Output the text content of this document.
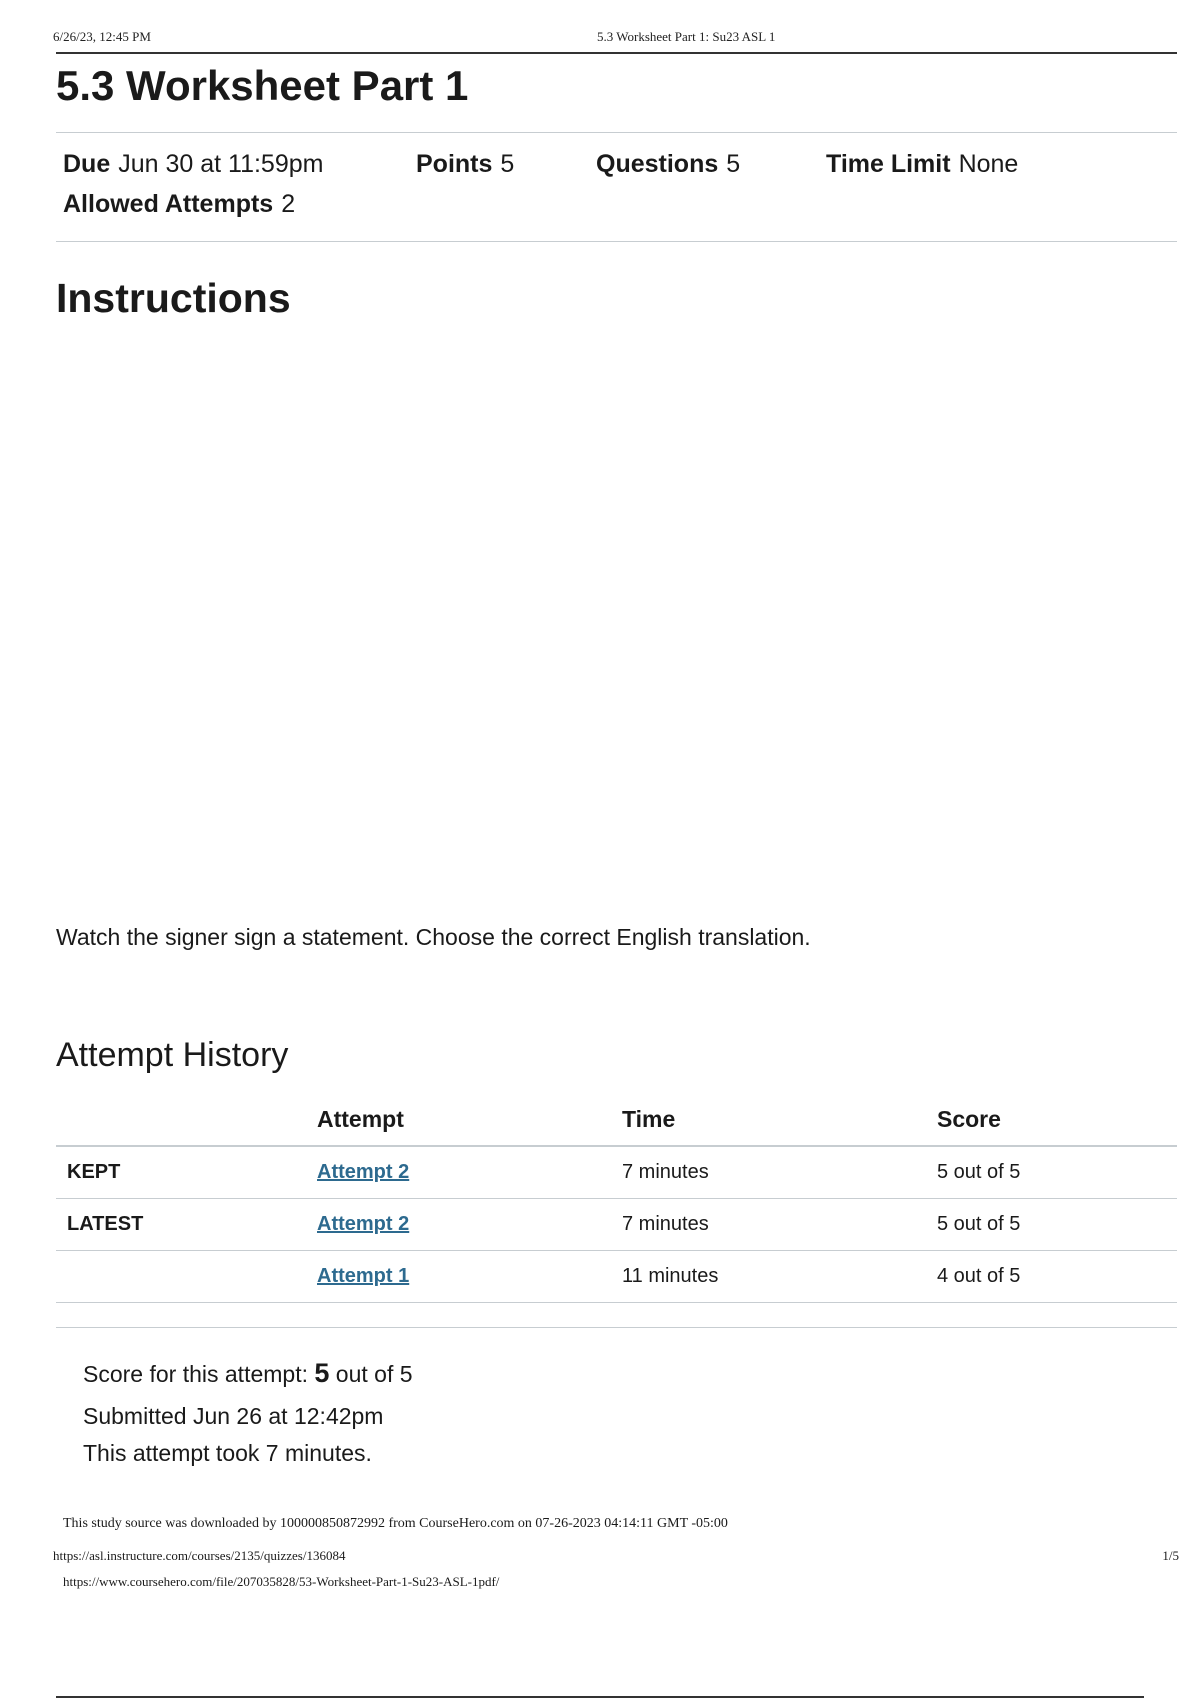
6/26/23, 12:45 PM	5.3 Worksheet Part 1: Su23 ASL 1
5.3 Worksheet Part 1
Due Jun 30 at 11:59pm	Points 5	Questions 5	Time Limit None
Allowed Attempts 2
Instructions
Watch the signer sign a statement. Choose the correct English translation.
Attempt History
	Attempt	Time	Score
KEPT	Attempt 2	7 minutes	5 out of 5
LATEST	Attempt 2	7 minutes	5 out of 5
	Attempt 1	11 minutes	4 out of 5
Score for this attempt: 5 out of 5
Submitted Jun 26 at 12:42pm
This attempt took 7 minutes.
This study source was downloaded by 100000850872992 from CourseHero.com on 07-26-2023 04:14:11 GMT -05:00
https://asl.instructure.com/courses/2135/quizzes/136084	1/5
https://www.coursehero.com/file/207035828/53-Worksheet-Part-1-Su23-ASL-1pdf/
